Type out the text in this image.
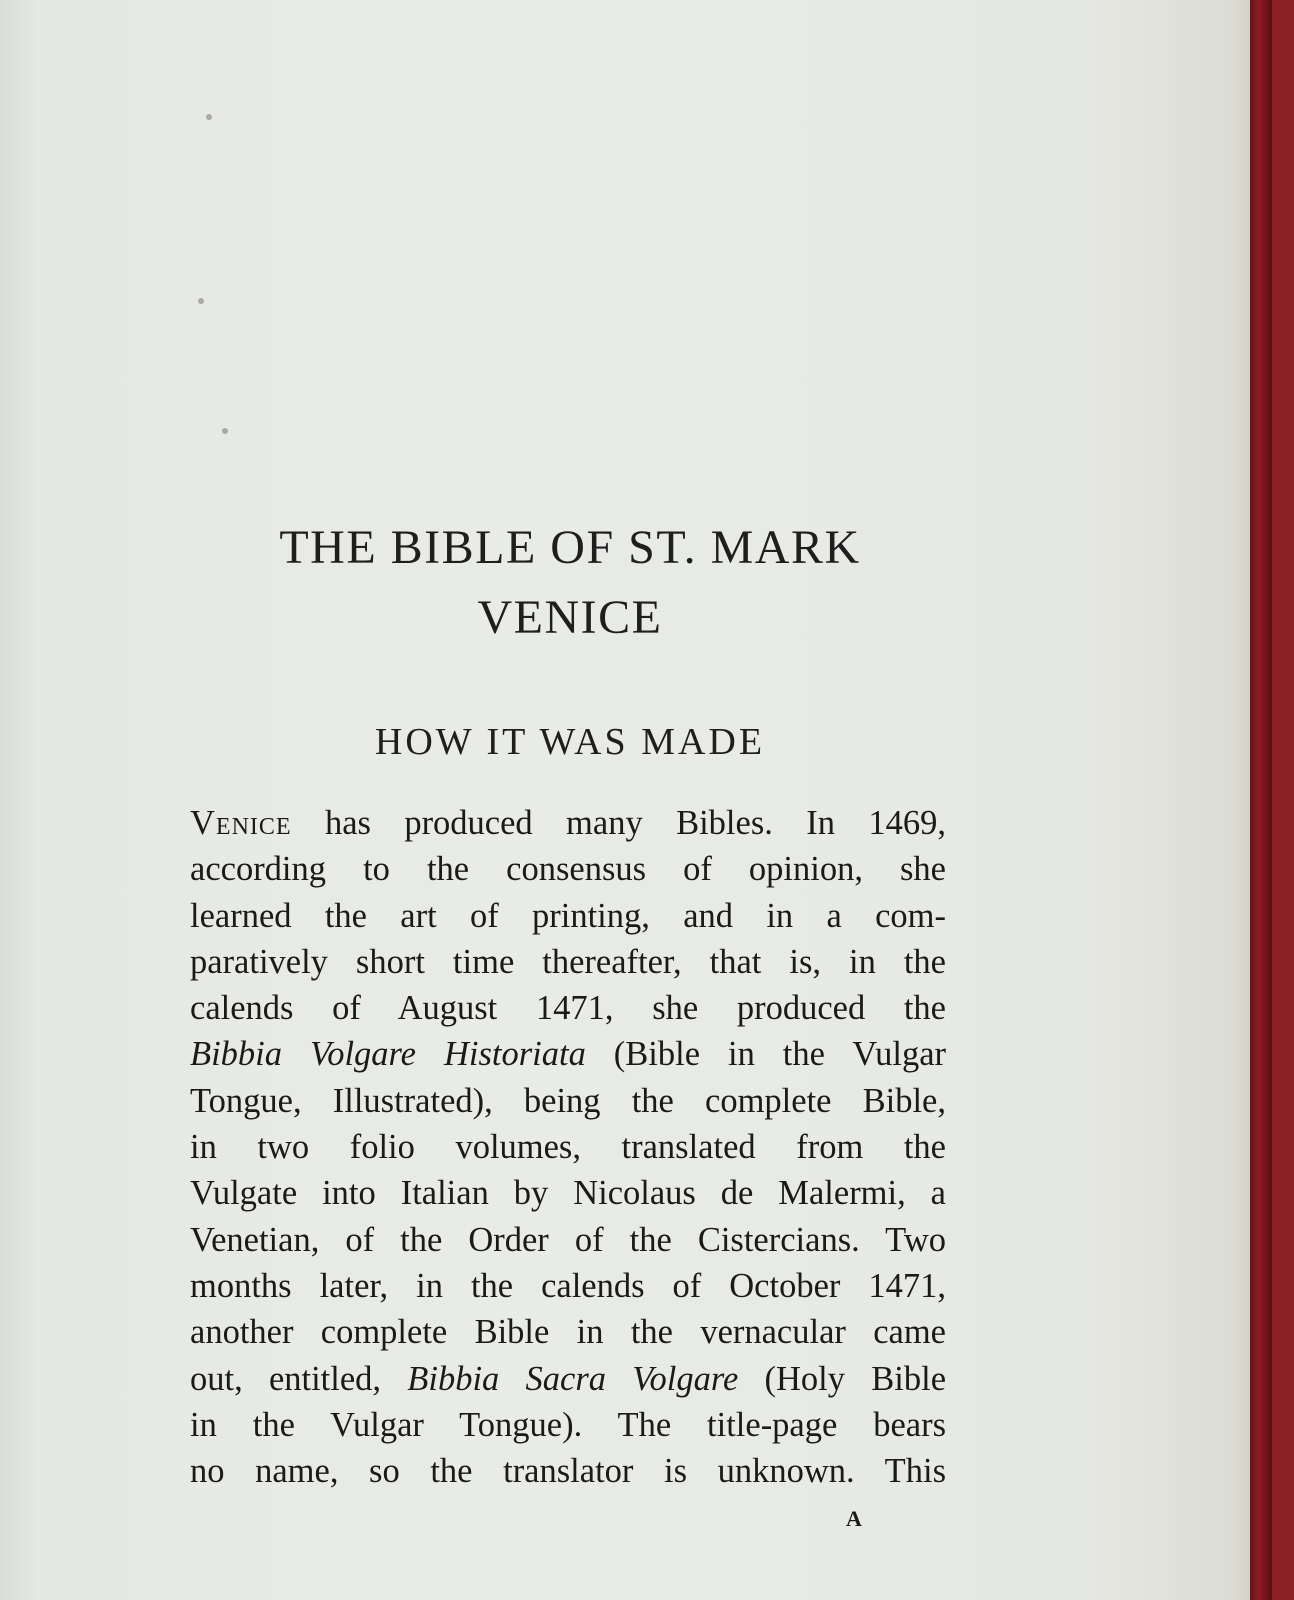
THE BIBLE OF ST. MARK
VENICE
HOW IT WAS MADE
Venice has produced many Bibles. In 1469,
according to the consensus of opinion, she
learned the art of printing, and in a com-
paratively short time thereafter, that is, in the
calends of August 1471, she produced the
Bibbia Volgare Historiata (Bible in the Vulgar
Tongue, Illustrated), being the complete Bible,
in two folio volumes, translated from the
Vulgate into Italian by Nicolaus de Malermi, a
Venetian, of the Order of the Cistercians. Two
months later, in the calends of October 1471,
another complete Bible in the vernacular came
out, entitled, Bibbia Sacra Volgare (Holy Bible
in the Vulgar Tongue). The title-page bears
no name, so the translator is unknown. This
A
